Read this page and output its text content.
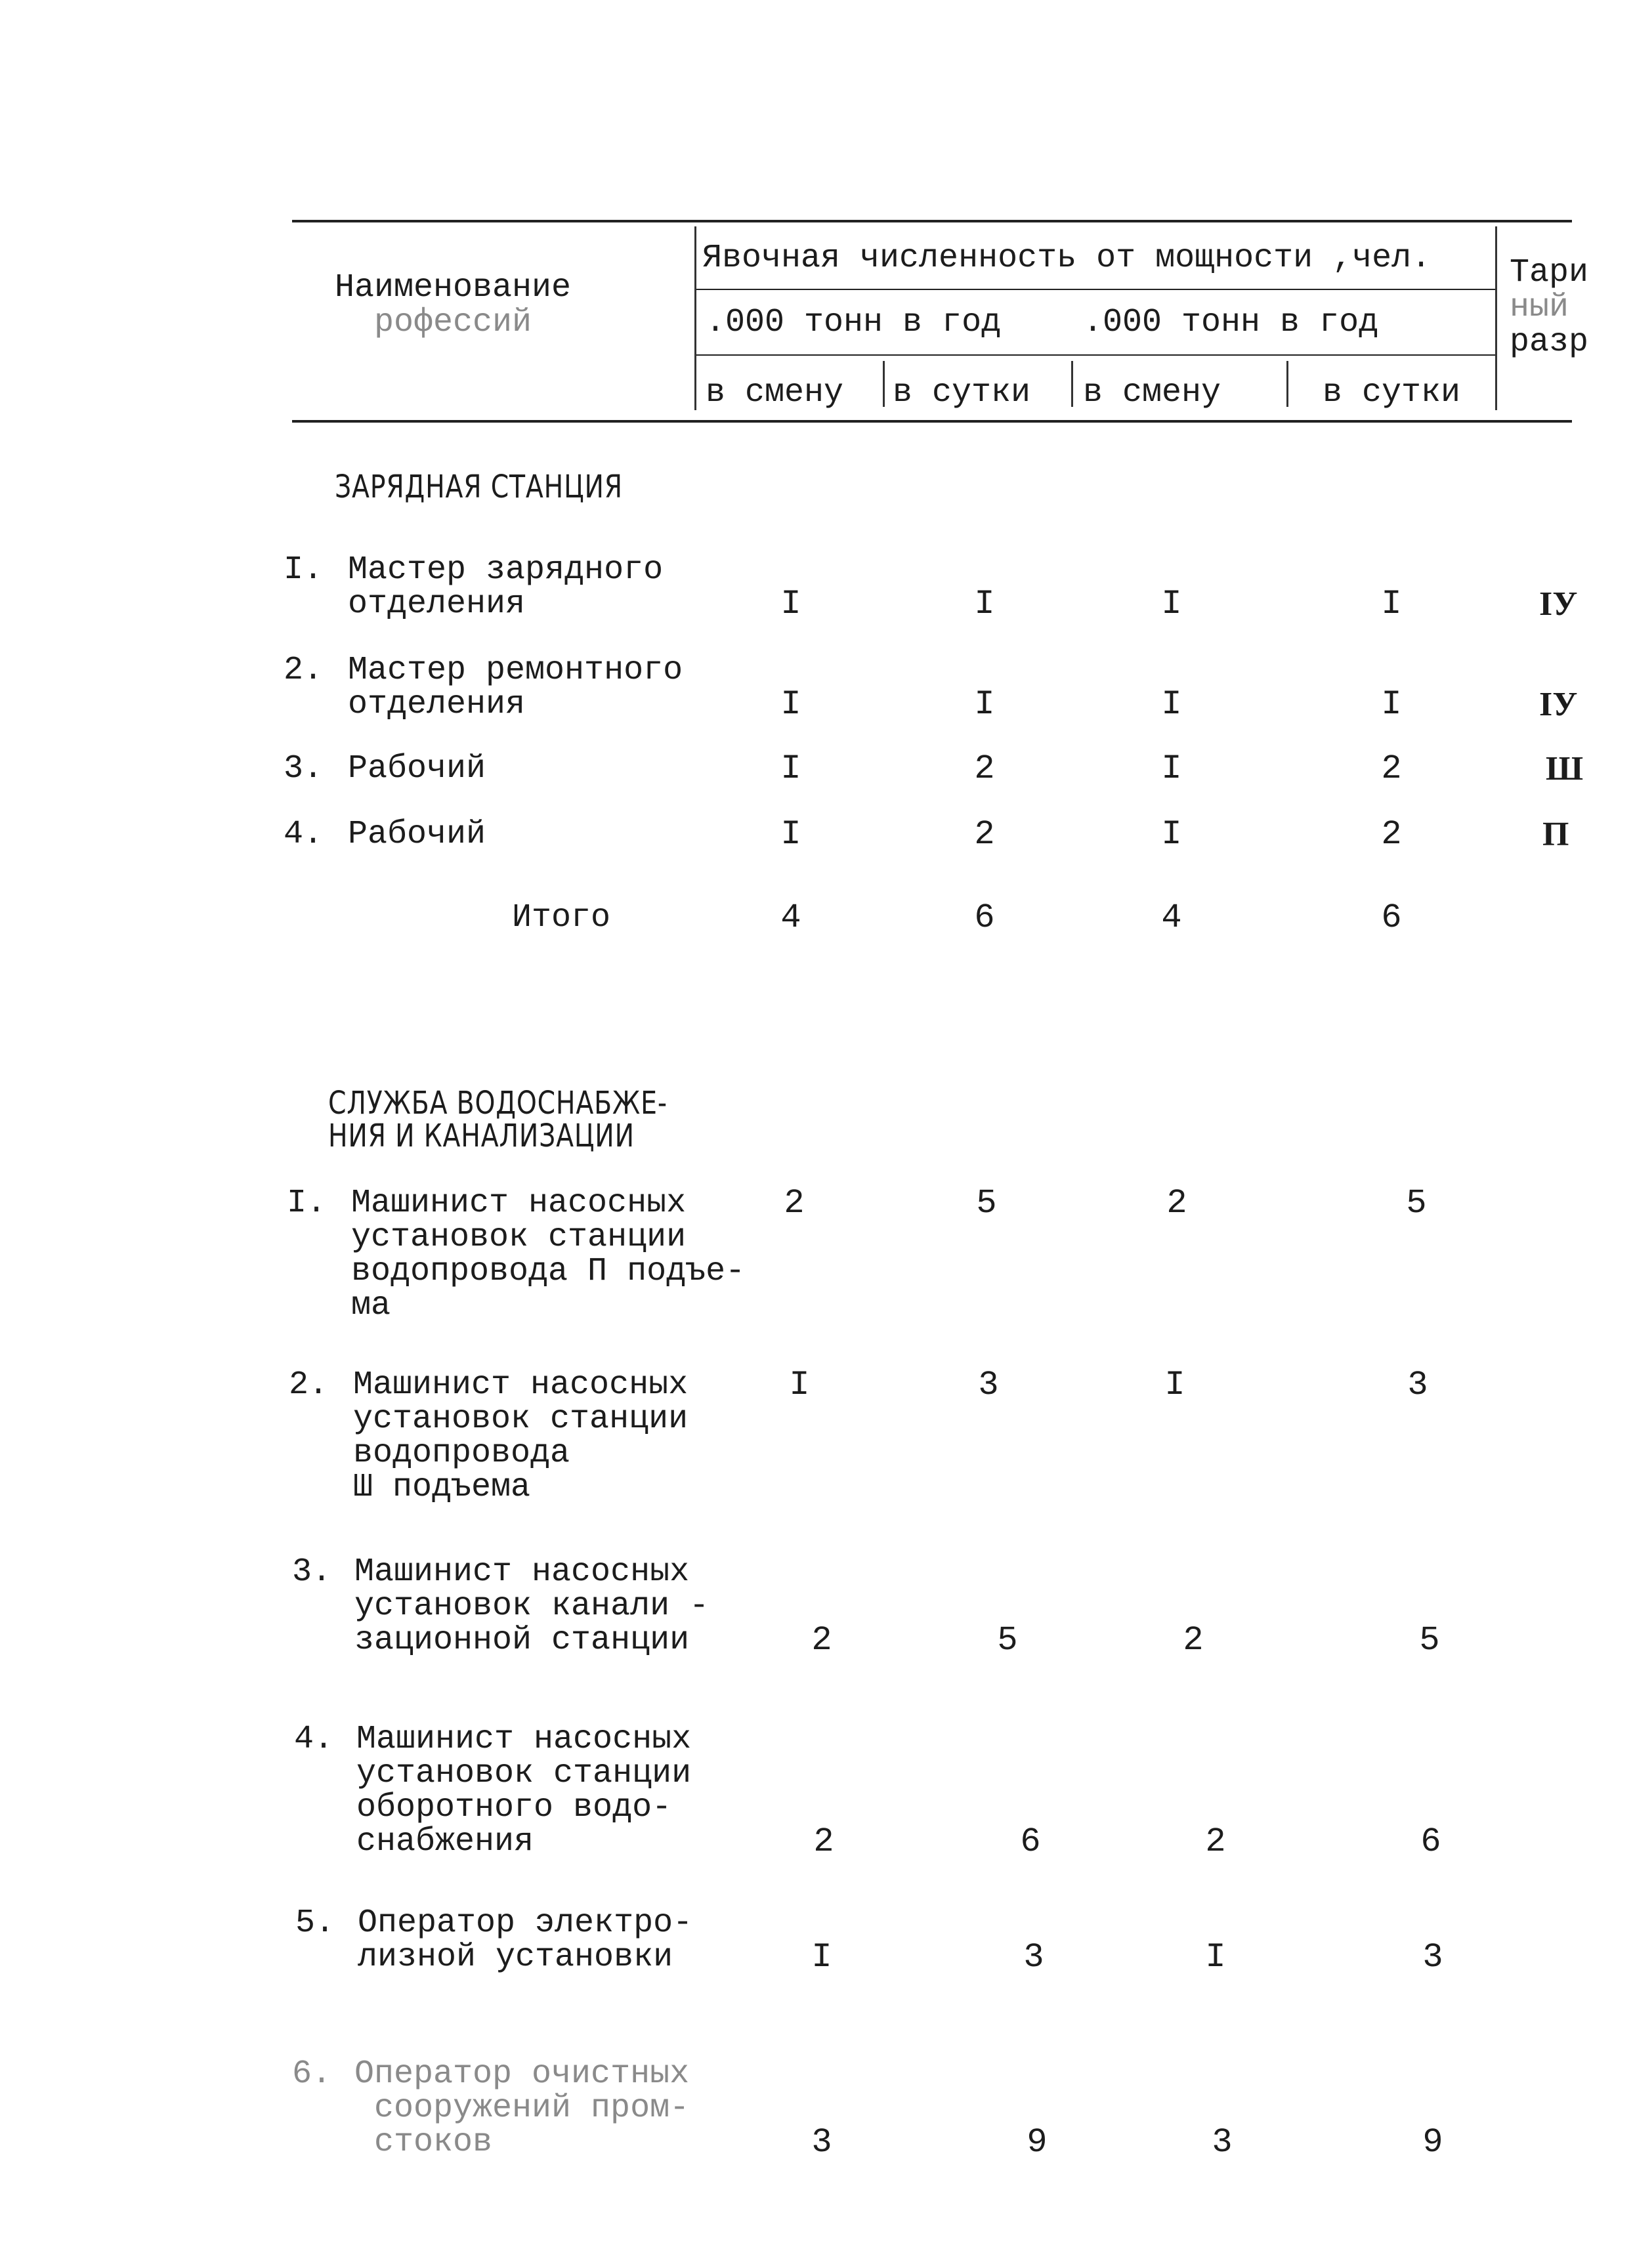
Наименование
рофессий
Явочная численность от мощности ,чел.
.000 тонн в год .000 тонн в год
в смену в сутки в смену	в сутки
Тари
ный
разр
ЗАРЯДНАЯ СТАНЦИЯ
I. Мастер зарядного
отделения	I	I	I	I	IУ
2. Мастер ремонтного
отделения	I	I	I	I	IУ
3. Рабочий	I	2	I	2	Ш
4. Рабочий	I	2	I	2	П
Итого	4	6	4	6
СЛУЖБА ВОДОСНАБЖЕ-
НИЯ И КАНАЛИЗАЦИИ
I. Машинист насосных
установок станции
водопровода П подъе-
ма
2	5	2	5
2. Машинист насосных
установок станции
водопровода
Ш подъема
I	3	I	3
3. Машинист насосных
установок канали -
зационной станции	2	5	2	5
4. Машинист насосных
установок станции
оборотного водо-
снабжения	2	6	2	6
5. Оператор электро-
лизной установки	I	3	I	3
6. Оператор очистных
сооружений пром-
стоков	3	9	3	9
